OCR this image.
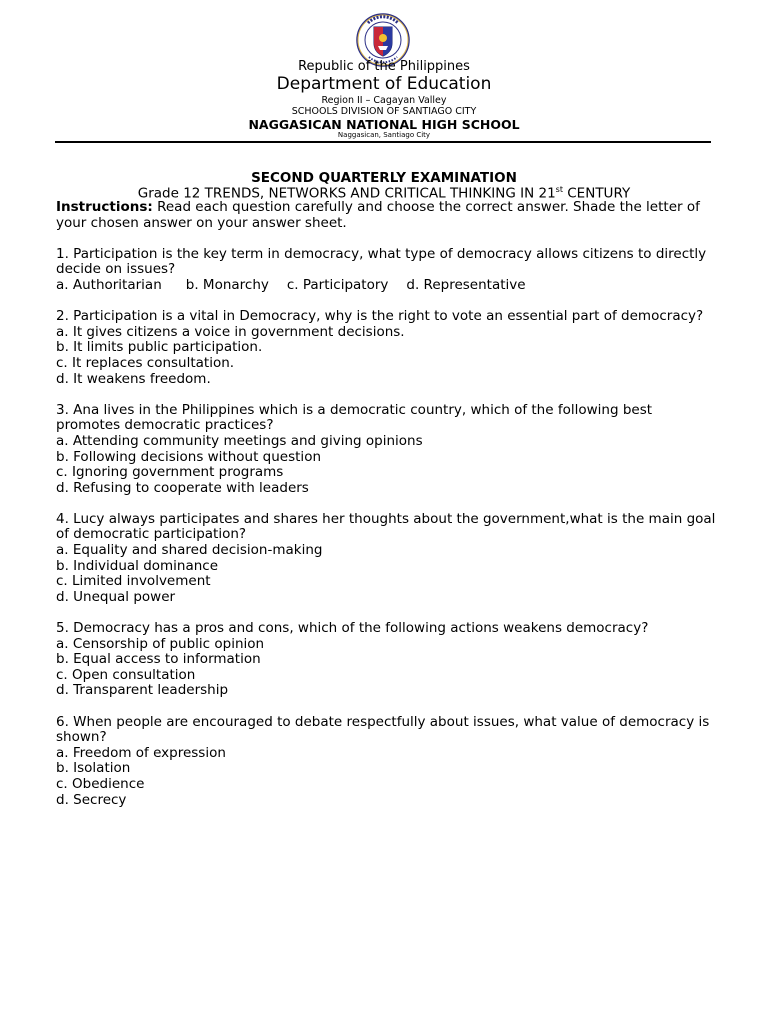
Republic of the Philippines
Department of Education
Region II – Cagayan Valley
SCHOOLS DIVISION OF SANTIAGO CITY
NAGGASICAN NATIONAL HIGH SCHOOL
Naggasican, Santiago City
SECOND QUARTERLY EXAMINATION
Grade 12 TRENDS, NETWORKS AND CRITICAL THINKING IN 21st CENTURY

Instructions: Read each question carefully and choose the correct answer. Shade the letter of your chosen answer on your answer sheet.

1. Participation is the key term in democracy, what type of democracy allows citizens to directly decide on issues?

a. Authoritarian b. Monarchy c. Participatory d. Representative

2. Participation is a vital in Democracy, why is the right to vote an essential part of democracy?

a. It gives citizens a voice in government decisions.

b. It limits public participation.

c. It replaces consultation.

d. It weakens freedom.

3. Ana lives in the Philippines which is a democratic country, which of the following best promotes democratic practices?

a. Attending community meetings and giving opinions

b. Following decisions without question

c. Ignoring government programs

d. Refusing to cooperate with leaders

4. Lucy always participates and shares her thoughts about the government,what is the main goal of democratic participation?

a. Equality and shared decision-making

b. Individual dominance

c. Limited involvement

d. Unequal power

5. Democracy has a pros and cons, which of the following actions weakens democracy?

a. Censorship of public opinion

b. Equal access to information

c. Open consultation

d. Transparent leadership

6. When people are encouraged to debate respectfully about issues, what value of democracy is shown?

a. Freedom of expression

b. Isolation

c. Obedience

d. Secrecy
